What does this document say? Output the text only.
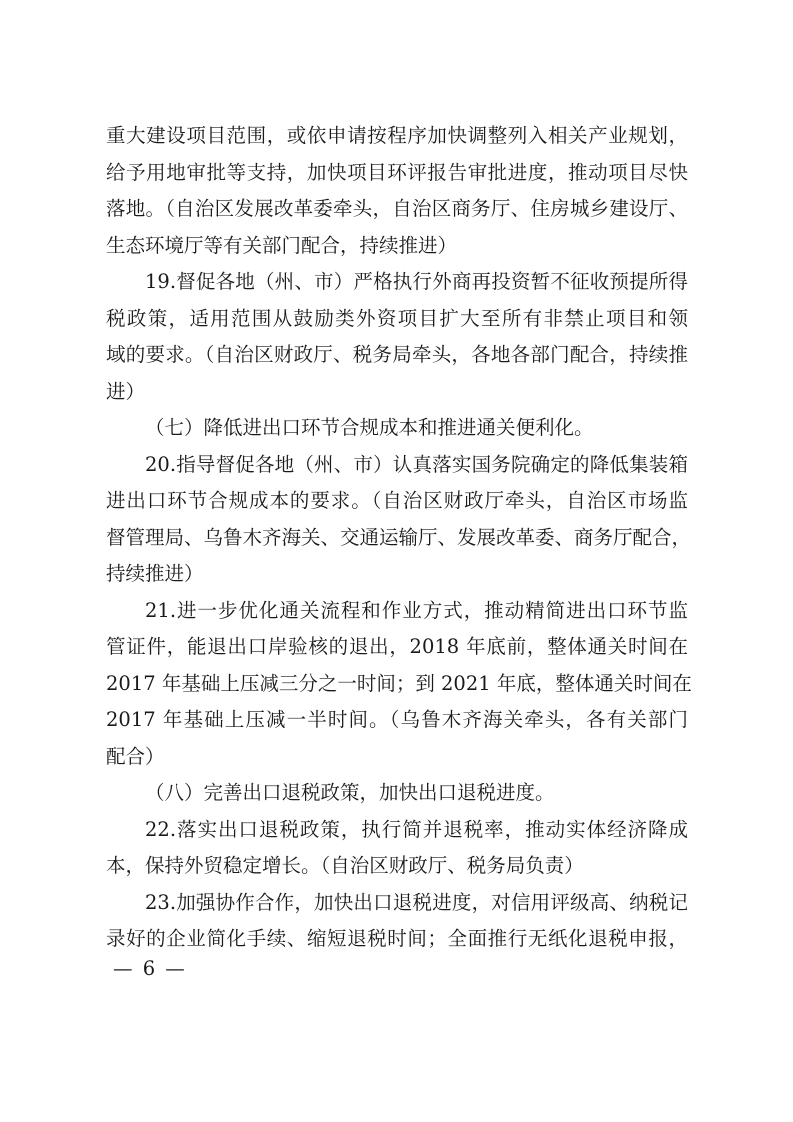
重大建设项目范围，或依申请按程序加快调整列入相关产业规划，
给予用地审批等支持，加快项目环评报告审批进度，推动项目尽快
落地。（自治区发展改革委牵头，自治区商务厅、住房城乡建设厅、
生态环境厅等有关部门配合，持续推进）
19.督促各地（州、市）严格执行外商再投资暂不征收预提所得
税政策，适用范围从鼓励类外资项目扩大至所有非禁止项目和领
域的要求。（自治区财政厅、税务局牵头，各地各部门配合，持续推
进）
（七）降低进出口环节合规成本和推进通关便利化。
20.指导督促各地（州、市）认真落实国务院确定的降低集装箱
进出口环节合规成本的要求。（自治区财政厅牵头，自治区市场监
督管理局、乌鲁木齐海关、交通运输厅、发展改革委、商务厅配合，
持续推进）
21.进一步优化通关流程和作业方式，推动精简进出口环节监
管证件，能退出口岸验核的退出，2018 年底前，整体通关时间在
2017 年基础上压减三分之一时间；到 2021 年底，整体通关时间在
2017 年基础上压减一半时间。（乌鲁木齐海关牵头，各有关部门
配合）
（八）完善出口退税政策，加快出口退税进度。
22.落实出口退税政策，执行简并退税率，推动实体经济降成
本，保持外贸稳定增长。（自治区财政厅、税务局负责）
23.加强协作合作，加快出口退税进度，对信用评级高、纳税记
录好的企业简化手续、缩短退税时间；全面推行无纸化退税申报，
— 6 —
